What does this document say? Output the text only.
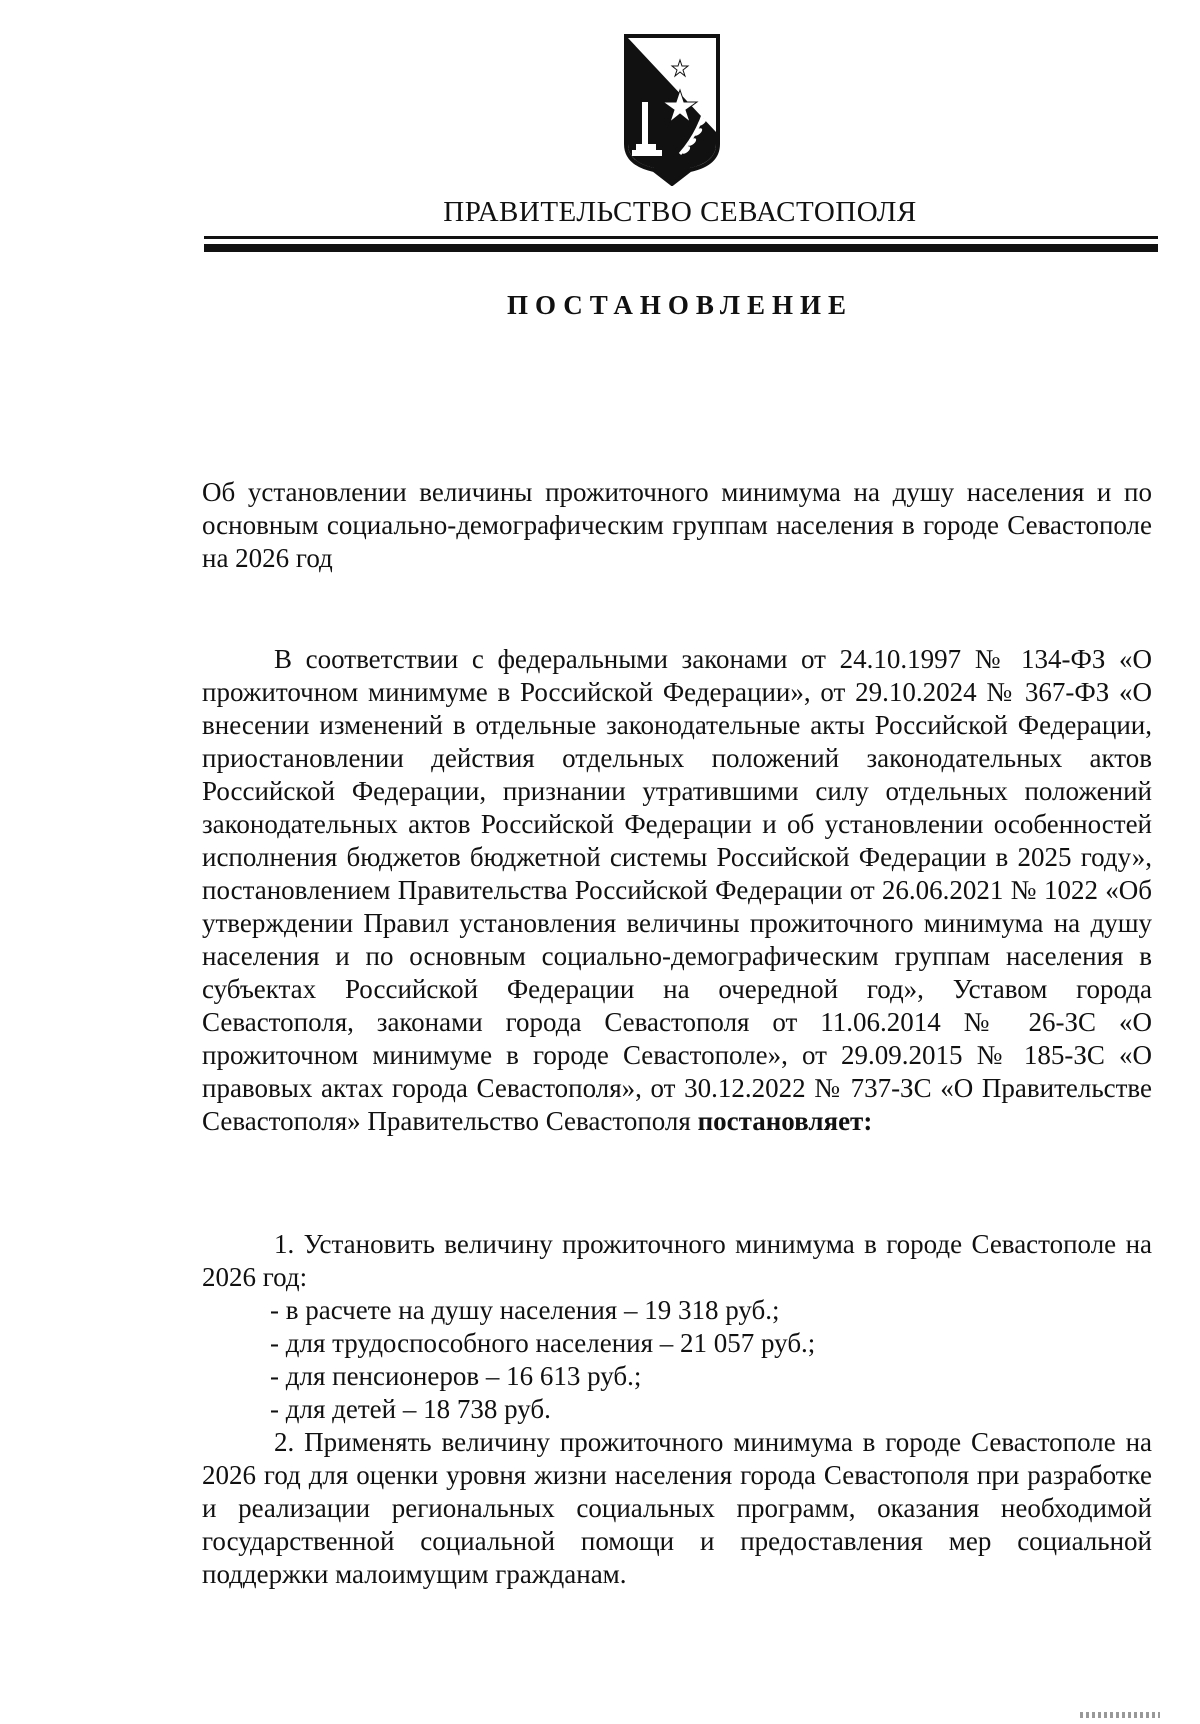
ПРАВИТЕЛЬСТВО СЕВАСТОПОЛЯ
ПОСТАНОВЛЕНИЕ
Об установлении величины прожиточного минимума на душу населения и по основным социально-демографическим группам населения в городе Севастополе на 2026 год

В соответствии с федеральными законами от 24.10.1997 № 134-ФЗ «О прожиточном минимуме в Российской Федерации», от 29.10.2024 № 367-ФЗ «О внесении изменений в отдельные законодательные акты Российской Федерации, приостановлении действия отдельных положений законодательных актов Российской Федерации, признании утратившими силу отдельных положений законодательных актов Российской Федерации и об установлении особенностей исполнения бюджетов бюджетной системы Российской Федерации в 2025 году», постановлением Правительства Российской Федерации от 26.06.2021 № 1022 «Об утверждении Правил установления величины прожиточного минимума на душу населения и по основным социально-демографическим группам населения в субъектах Российской Федерации на очередной год», Уставом города Севастополя, законами города Севастополя от 11.06.2014 № 26-ЗС «О прожиточном минимуме в городе Севастополе», от 29.09.2015 № 185-ЗС «О правовых актах города Севастополя», от 30.12.2022 № 737-ЗС «О Правительстве Севастополя» Правительство Севастополя постановляет:

1. Установить величину прожиточного минимума в городе Севастополе на 2026 год:

- в расчете на душу населения – 19 318 руб.;
- для трудоспособного населения – 21 057 руб.;
- для пенсионеров – 16 613 руб.;
- для детей – 18 738 руб.

2. Применять величину прожиточного минимума в городе Севастополе на 2026 год для оценки уровня жизни населения города Севастополя при разработке и реализации региональных социальных программ, оказания необходимой государственной социальной помощи и предоставления мер социальной поддержки малоимущим гражданам.
